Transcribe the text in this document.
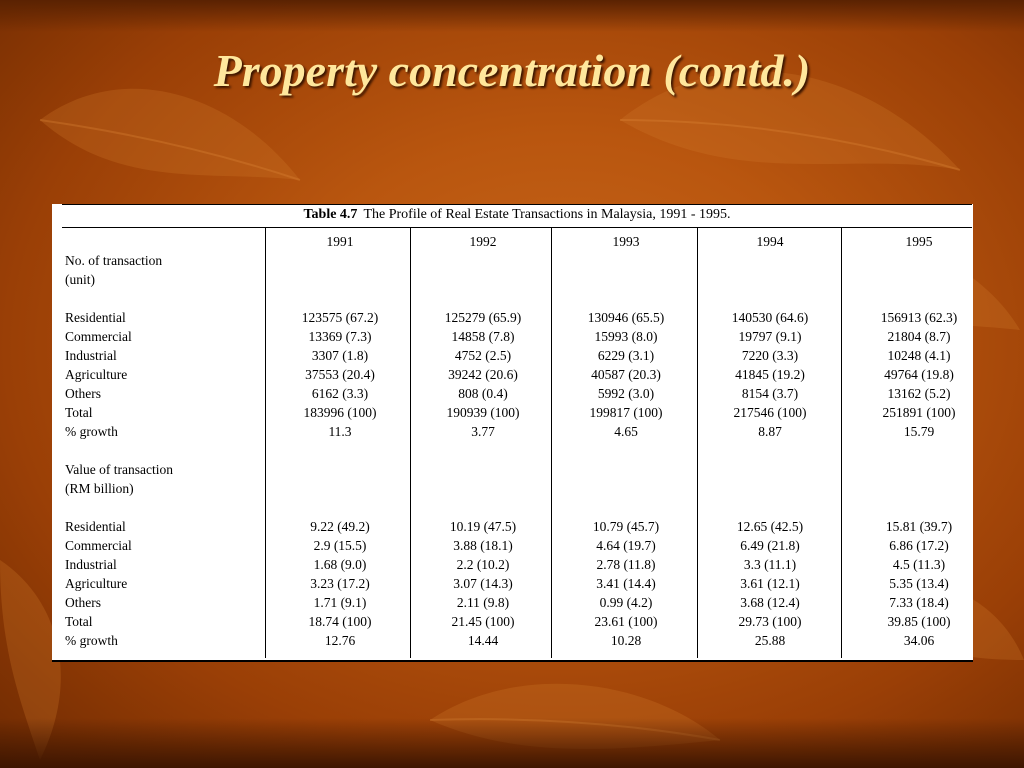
Property concentration (contd.)
Table 4.7 The Profile of Real Estate Transactions in Malaysia, 1991 - 1995.
1991	1992	1993	1994	1995
No. of transaction
(unit)
Residential	123575 (67.2)	125279 (65.9)	130946 (65.5)	140530 (64.6)	156913 (62.3)
Commercial	13369 (7.3)	14858 (7.8)	15993 (8.0)	19797 (9.1)	21804 (8.7)
Industrial	3307 (1.8)	4752 (2.5)	6229 (3.1)	7220 (3.3)	10248 (4.1)
Agriculture	37553 (20.4)	39242 (20.6)	40587 (20.3)	41845 (19.2)	49764 (19.8)
Others	6162 (3.3)	808 (0.4)	5992 (3.0)	8154 (3.7)	13162 (5.2)
Total	183996 (100)	190939 (100)	199817 (100)	217546 (100)	251891 (100)
% growth	11.3	3.77	4.65	8.87	15.79
Value of transaction
(RM billion)
Residential	9.22 (49.2)	10.19 (47.5)	10.79 (45.7)	12.65 (42.5)	15.81 (39.7)
Commercial	2.9 (15.5)	3.88 (18.1)	4.64 (19.7)	6.49 (21.8)	6.86 (17.2)
Industrial	1.68 (9.0)	2.2 (10.2)	2.78 (11.8)	3.3 (11.1)	4.5 (11.3)
Agriculture	3.23 (17.2)	3.07 (14.3)	3.41 (14.4)	3.61 (12.1)	5.35 (13.4)
Others	1.71 (9.1)	2.11 (9.8)	0.99 (4.2)	3.68 (12.4)	7.33 (18.4)
Total	18.74 (100)	21.45 (100)	23.61 (100)	29.73 (100)	39.85 (100)
% growth	12.76	14.44	10.28	25.88	34.06
